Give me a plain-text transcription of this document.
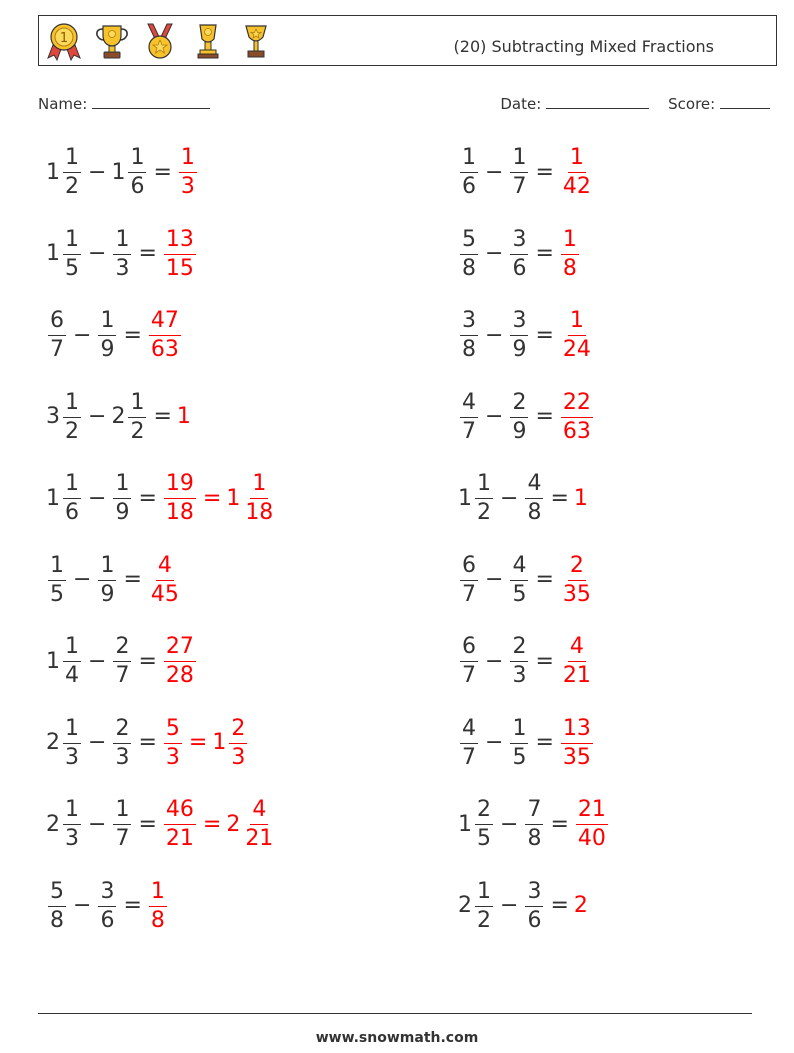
1	(20) Subtracting Mixed Fractions
Name:	Date:	Score:
$1 \frac{1}{2} - 1 \frac{1}{6} = \frac{1}{3}$	$\frac{1}{6} - \frac{1}{7} = \frac{1}{42}$
$1 \frac{1}{5} - \frac{1}{3} = \frac{13}{15}$	$\frac{5}{8} - \frac{3}{6} = \frac{1}{8}$
$\frac{6}{7} - \frac{1}{9} = \frac{47}{63}$	$\frac{3}{8} - \frac{3}{9} = \frac{1}{24}$
$3 \frac{1}{2} - 2 \frac{1}{2} = 1$	$\frac{4}{7} - \frac{2}{9} = \frac{22}{63}$
$1 \frac{1}{6} - \frac{1}{9} = \frac{19}{18} = 1 \frac{1}{18}$	$1 \frac{1}{2} - \frac{4}{8} = 1$
$\frac{1}{5} - \frac{1}{9} = \frac{4}{45}$	$\frac{6}{7} - \frac{4}{5} = \frac{2}{35}$
$1 \frac{1}{4} - \frac{2}{7} = \frac{27}{28}$	$\frac{6}{7} - \frac{2}{3} = \frac{4}{21}$
$2 \frac{1}{3} - \frac{2}{3} = \frac{5}{3} = 1 \frac{2}{3}$	$\frac{4}{7} - \frac{1}{5} = \frac{13}{35}$
$2 \frac{1}{3} - \frac{1}{7} = \frac{46}{21} = 2 \frac{4}{21}$	$1 \frac{2}{5} - \frac{7}{8} = \frac{21}{40}$
$\frac{5}{8} - \frac{3}{6} = \frac{1}{8}$	$2 \frac{1}{2} - \frac{3}{6} = 2$
www.snowmath.com
